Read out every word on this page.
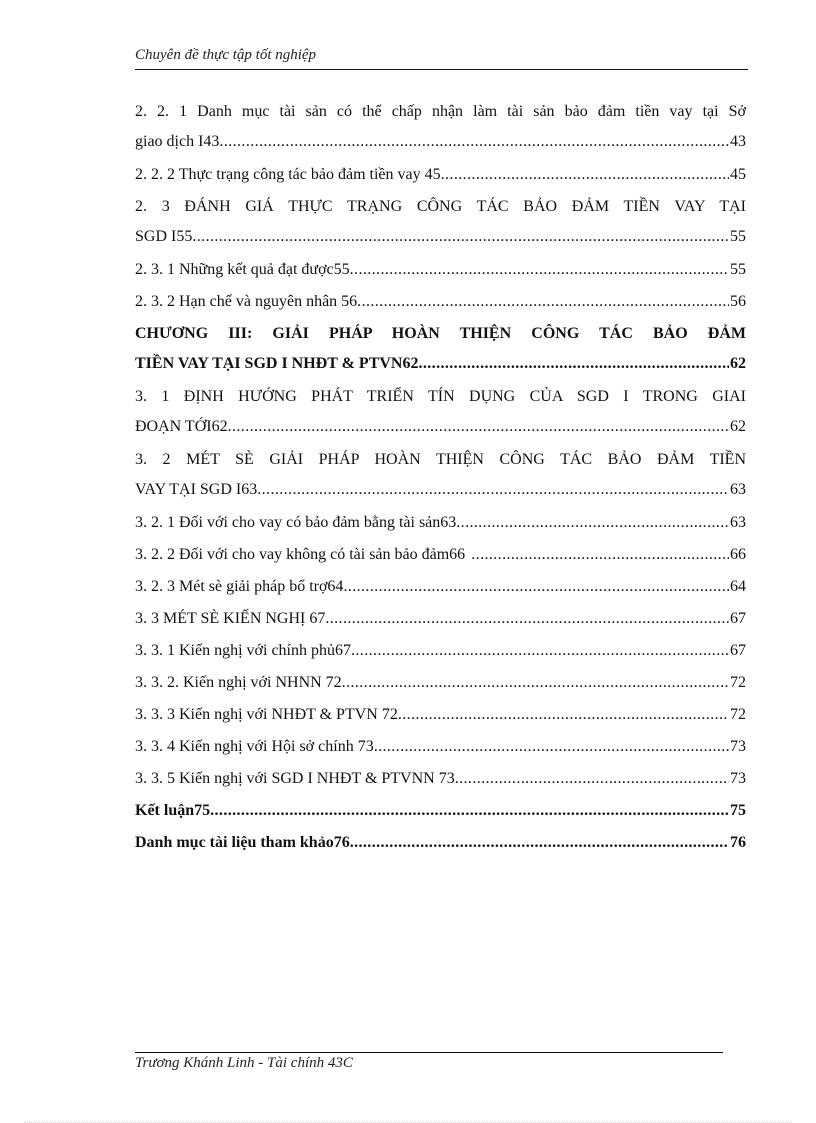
Chuyên đề thực tập tốt nghiệp
2. 2. 1 Danh mục tài sản có thể chấp nhận làm tài sản bảo đảm tiền vay tại Sở
giao dịch I43 .....	43
2. 2. 2 Thực trạng công tác bảo đảm tiền vay 45 .....	45
2. 3 ĐÁNH GIÁ THỰC TRẠNG CÔNG TÁC BẢO ĐẢM TIỀN VAY TẠI
SGD I55 .....	55
2. 3. 1 Những kết quả đạt được55 .....	55
2. 3. 2 Hạn chế và nguyên nhân 56 .....	56
CHƯƠNG III: GIẢI PHÁP HOÀN THIỆN CÔNG TÁC BẢO ĐẢM
TIỀN VAY TẠI SGD I NHĐT & PTVN62 .....	62
3. 1 ĐỊNH HƯỚNG PHÁT TRIỂN TÍN DỤNG CỦA SGD I TRONG GIAI
ĐOẠN TỚI62 .....	62
3. 2 MÉT SÈ GIẢI PHÁP HOÀN THIỆN CÔNG TÁC BẢO ĐẢM TIỀN
VAY TẠI SGD I63 .....	63
3. 2. 1 Đối với cho vay có bảo đảm bằng tài sản63 .....	63
3. 2. 2 Đối với cho vay không có tài sản bảo đảm66 .....	66
3. 2. 3 Mét sè giải pháp bổ trợ64 .....	64
3. 3 MÉT SÈ KIẾN NGHỊ 67 .....	67
3. 3. 1 Kiến nghị với chính phủ67 .....	67
3. 3. 2. Kiến nghị với NHNN 72 .....	72
3. 3. 3 Kiến nghị với NHĐT & PTVN 72 .....	72
3. 3. 4 Kiến nghị với Hội sở chính 73 .....	73
3. 3. 5 Kiến nghị với SGD I NHĐT & PTVNN 73 .....	73
Kết luận75 .....	75
Danh mục tài liệu tham khảo76 .....	76
Trương Khánh Linh - Tài chính 43C
